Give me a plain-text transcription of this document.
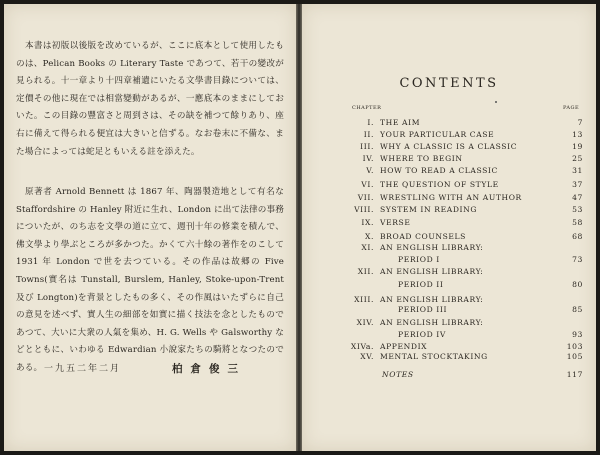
本書は初版以後版を改めているが、ここに底本として使用したものは、Pelican Books の Literary Taste であつて、若干の變改が見られる。十一章より十四章補遺にいたる文學書目錄については、定價その他に現在では相當變動があるが、一應底本のままにしておいた。この目錄の豐富さと周到さは、その缺を補つて餘りあり、座右に備えて得られる便宜は大きいと信ずる。なお卷末に不備な、また場合によっては蛇足ともいえる註を添えた。
原著者 Arnold Bennett は 1867 年、陶器製造地として有名な Staffordshire の Hanley 附近に生れ、London に出て法律の事務についたが、のち志を文學の道に立て、週刊十年の修業を積んで、佛文學より學ぶところが多かつた。かくて六十餘の著作をのこして 1931 年 London で世を去つている。その作品は故郷の Five Towns(實名は Tunstall, Burslem, Hanley, Stoke-upon-Trent 及び Longton)を背景としたもの多く、その作風はいたずらに自己の意見を述べず、實人生の細部を如實に描く技法を念としたものであつて、大いに大衆の人氣を集め、H. G. Wells や Galsworthy などとともに、いわゆる Edwardian 小說家たちの騎將となつたのである。 一九五二年二月	柏倉俊三
CONTENTS
CHAPTER	PAGE
I. THE AIM	7
II. YOUR PARTICULAR CASE	13
III. WHY A CLASSIC IS A CLASSIC	19
IV. WHERE TO BEGIN	25
V. HOW TO READ A CLASSIC	31
VI. THE QUESTION OF STYLE	37
VII. WRESTLING WITH AN AUTHOR	47
VIII. SYSTEM IN READING	53
IX. VERSE	58
X. BROAD COUNSELS	68
XI. AN ENGLISH LIBRARY:
PERIOD I	73
XII. AN ENGLISH LIBRARY:
PERIOD II	80
XIII. AN ENGLISH LIBRARY:
PERIOD III	85
XIV. AN ENGLISH LIBRARY:
PERIOD IV	93
XIVa. APPENDIX	103
XV. MENTAL STOCKTAKING	105
NOTES	117
